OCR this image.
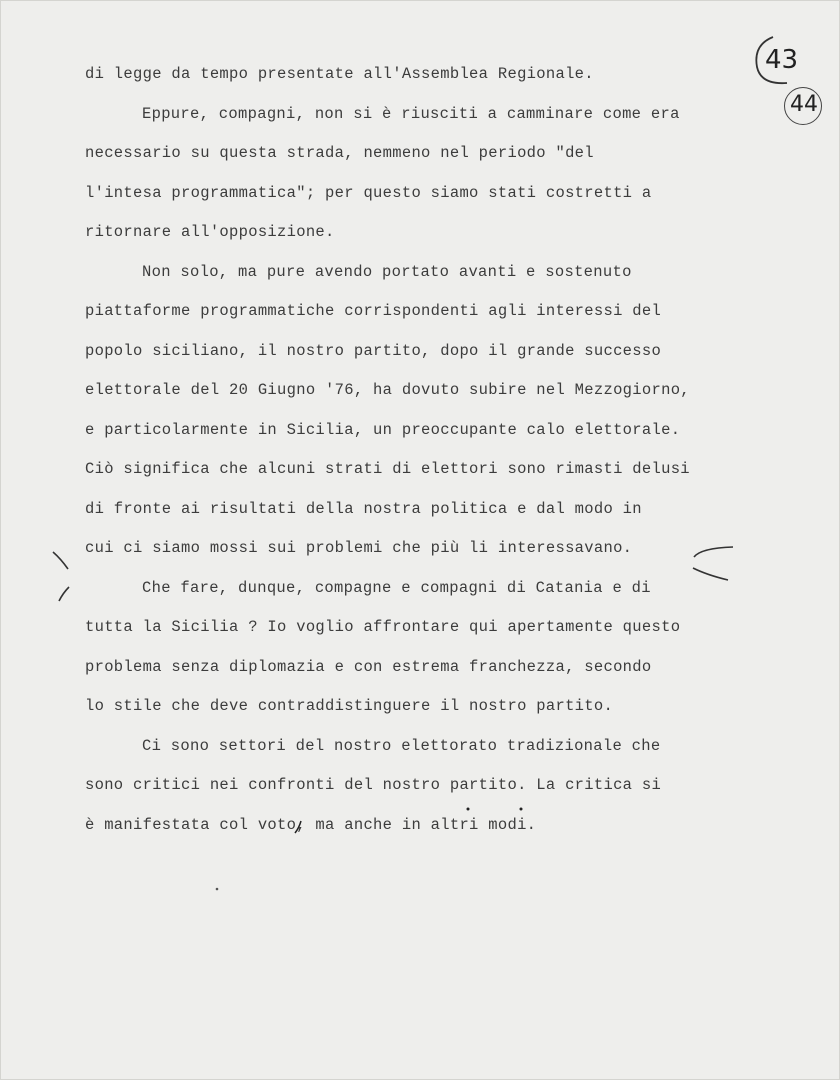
43
44
di legge da tempo presentate all'Assemblea Regionale.
Eppure, compagni, non si è riusciti a camminare come era
necessario su questa strada, nemmeno nel periodo "del
l'intesa programmatica"; per questo siamo stati costretti a
ritornare all'opposizione.
Non solo, ma pure avendo portato avanti e sostenuto
piattaforme programmatiche corrispondenti agli interessi del
popolo siciliano, il nostro partito, dopo il grande successo
elettorale del 20 Giugno '76, ha dovuto subire nel Mezzogiorno,
e particolarmente in Sicilia, un preoccupante calo elettorale.
Ciò significa che alcuni strati di elettori sono rimasti delusi
di fronte ai risultati della nostra politica e dal modo in
cui ci siamo mossi sui problemi che più li interessavano.
Che fare, dunque, compagne e compagni di Catania e di
tutta la Sicilia ? Io voglio affrontare qui apertamente questo
problema senza diplomazia e con estrema franchezza, secondo
lo stile che deve contraddistinguere il nostro partito.
Ci sono settori del nostro elettorato tradizionale che
sono critici nei confronti del nostro partito. La critica si
è manifestata col voto, ma anche in altri modi.
